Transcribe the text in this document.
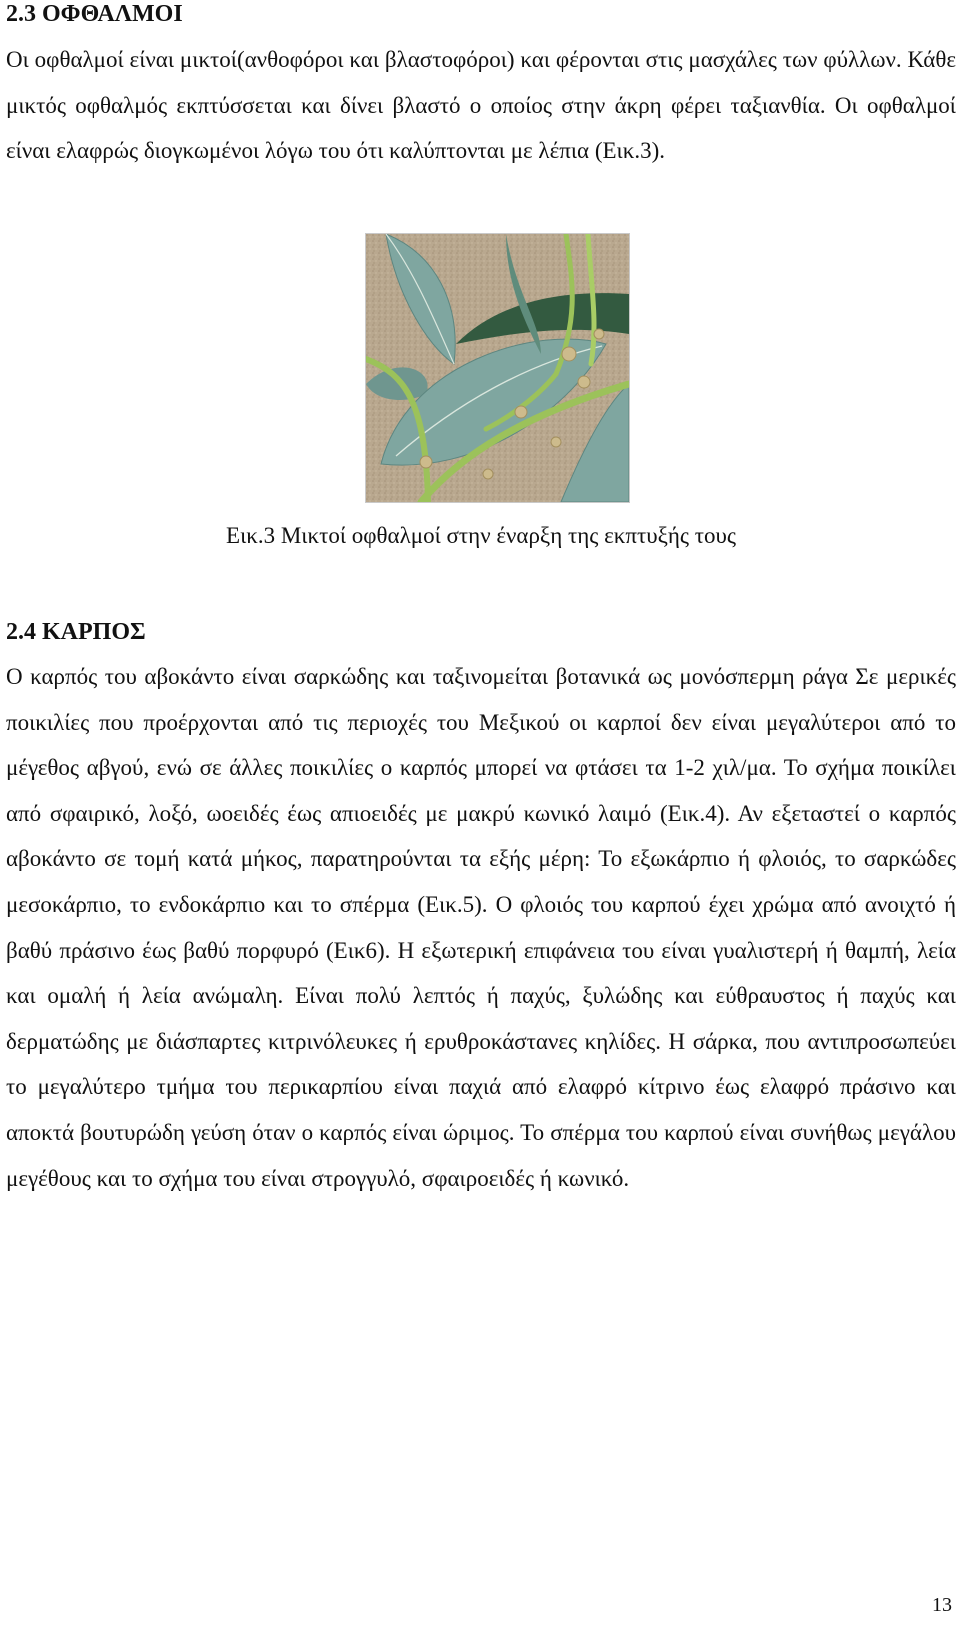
2.3 ΟΦΘΑΛΜΟΙ

Οι οφθαλμοί είναι μικτοί(ανθοφόροι και βλαστοφόροι) και φέρονται στις μασχάλες των φύλλων. Κάθε μικτός οφθαλμός εκπτύσσεται και δίνει βλαστό ο οποίος στην άκρη φέρει ταξιανθία. Οι οφθαλμοί είναι ελαφρώς διογκωμένοι λόγω του ότι καλύπτονται με λέπια (Εικ.3).

Εικ.3 Μικτοί οφθαλμοί στην έναρξη της εκπτυξής τους

2.4 ΚΑΡΠΟΣ

Ο καρπός του αβοκάντο είναι σαρκώδης και ταξινομείται βοτανικά ως μονόσπερμη ράγα Σε μερικές ποικιλίες που προέρχονται από τις περιοχές του Μεξικού οι καρποί δεν είναι μεγαλύτεροι από το μέγεθος αβγού, ενώ σε άλλες ποικιλίες ο καρπός μπορεί να φτάσει τα 1-2 χιλ/μα. Το σχήμα ποικίλει από σφαιρικό, λοξό, ωοειδές έως απιοειδές με μακρύ κωνικό λαιμό (Εικ.4). Αν εξεταστεί ο καρπός αβοκάντο σε τομή κατά μήκος, παρατηρούνται τα εξής μέρη: Το εξωκάρπιο ή φλοιός, το σαρκώδες μεσοκάρπιο, το ενδοκάρπιο και το σπέρμα (Εικ.5). Ο φλοιός του καρπού έχει χρώμα από ανοιχτό ή βαθύ πράσινο έως βαθύ πορφυρό (Εικ6). Η εξωτερική επιφάνεια του είναι γυαλιστερή ή θαμπή, λεία και ομαλή ή λεία ανώμαλη. Είναι πολύ λεπτός ή παχύς, ξυλώδης και εύθραυστος ή παχύς και δερματώδης με διάσπαρτες κιτρινόλευκες ή ερυθροκάστανες κηλίδες. Η σάρκα, που αντιπροσωπεύει το μεγαλύτερο τμήμα του περικαρπίου είναι παχιά από ελαφρό κίτρινο έως ελαφρό πράσινο και αποκτά βουτυρώδη γεύση όταν ο καρπός είναι ώριμος. Το σπέρμα του καρπού είναι συνήθως μεγάλου μεγέθους και το σχήμα του είναι στρογγυλό, σφαιροειδές ή κωνικό.

13
